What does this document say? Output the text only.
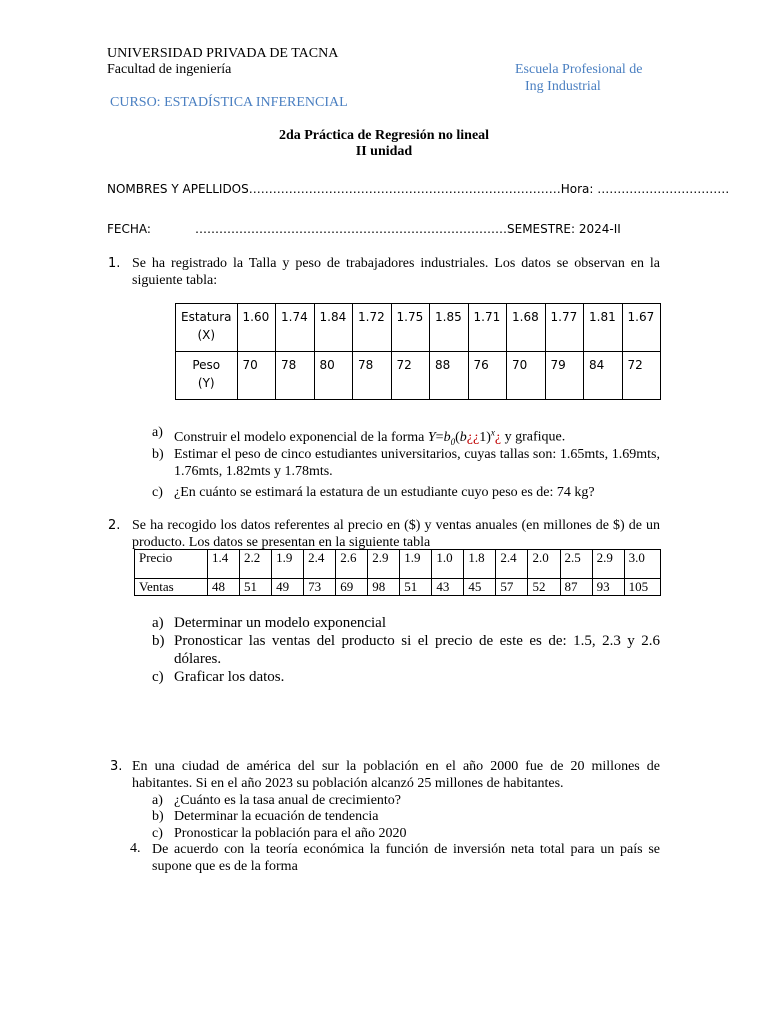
UNIVERSIDAD PRIVADA DE TACNA
Facultad de ingeniería	Escuela Profesional de
Ing Industrial
CURSO: ESTADÍSTICA INFERENCIAL
2da Práctica de Regresión no lineal
II unidad
NOMBRES Y APELLIDOS……………………………………………………………………Hora: ……………………………
FECHA:	……………………………………………………………………SEMESTRE: 2024-II
1. Se ha registrado la Talla y peso de trabajadores industriales. Los datos se observan en la siguiente tabla:
Estatura
(X)	1.60	1.74	1.84	1.72	1.75	1.85	1.71	1.68	1.77	1.81	1.67
Peso
(Y)	70	78	80	78	72	88	76	70	79	84	72
a) Construir el modelo exponencial de la forma $Y=b_0(b¿¿1)^x¿$ y grafique.
b) Estimar el peso de cinco estudiantes universitarios, cuyas tallas son: 1.65mts, 1.69mts, 1.76mts, 1.82mts y 1.78mts.
c) ¿En cuánto se estimará la estatura de un estudiante cuyo peso es de: 74 kg?
2. Se ha recogido los datos referentes al precio en ($) y ventas anuales (en millones de $) de un producto. Los datos se presentan en la siguiente tabla
Precio	1.4	2.2	1.9	2.4	2.6	2.9	1.9	1.0	1.8	2.4	2.0	2.5	2.9	3.0
Ventas	48	51	49	73	69	98	51	43	45	57	52	87	93	105
a) Determinar un modelo exponencial
b) Pronosticar las ventas del producto si el precio de este es de: 1.5, 2.3 y 2.6 dólares.
c) Graficar los datos.
3. En una ciudad de américa del sur la población en el año 2000 fue de 20 millones de habitantes. Si en el año 2023 su población alcanzó 25 millones de habitantes.
a) ¿Cuánto es la tasa anual de crecimiento?
b) Determinar la ecuación de tendencia
c) Pronosticar la población para el año 2020
4. De acuerdo con la teoría económica la función de inversión neta total para un país se supone que es de la forma
